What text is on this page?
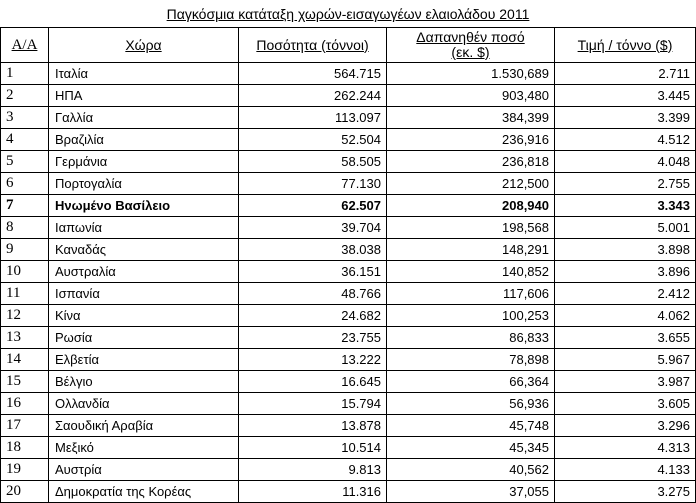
Παγκόσμια κατάταξη χωρών-εισαγωγέων ελαιολάδου 2011
A/A	Χώρα	Ποσότητα (τόννοι)	Δαπανηθέν ποσό
(εκ. $)	Τιμή / τόννο ($)
1	Ιταλία	564.715	1.530,689	2.711
2	ΗΠΑ	262.244	903,480	3.445
3	Γαλλία	113.097	384,399	3.399
4	Βραζιλία	52.504	236,916	4.512
5	Γερμάνια	58.505	236,818	4.048
6	Πορτογαλία	77.130	212,500	2.755
7	Ηνωμένο Βασίλειο	62.507	208,940	3.343
8	Ιαπωνία	39.704	198,568	5.001
9	Καναδάς	38.038	148,291	3.898
10	Αυστραλία	36.151	140,852	3.896
11	Ισπανία	48.766	117,606	2.412
12	Κίνα	24.682	100,253	4.062
13	Ρωσία	23.755	86,833	3.655
14	Ελβετία	13.222	78,898	5.967
15	Βέλγιο	16.645	66,364	3.987
16	Ολλανδία	15.794	56,936	3.605
17	Σαουδική Αραβία	13.878	45,748	3.296
18	Μεξικό	10.514	45,345	4.313
19	Αυστρία	9.813	40,562	4.133
20	Δημοκρατία της Κορέας	11.316	37,055	3.275
